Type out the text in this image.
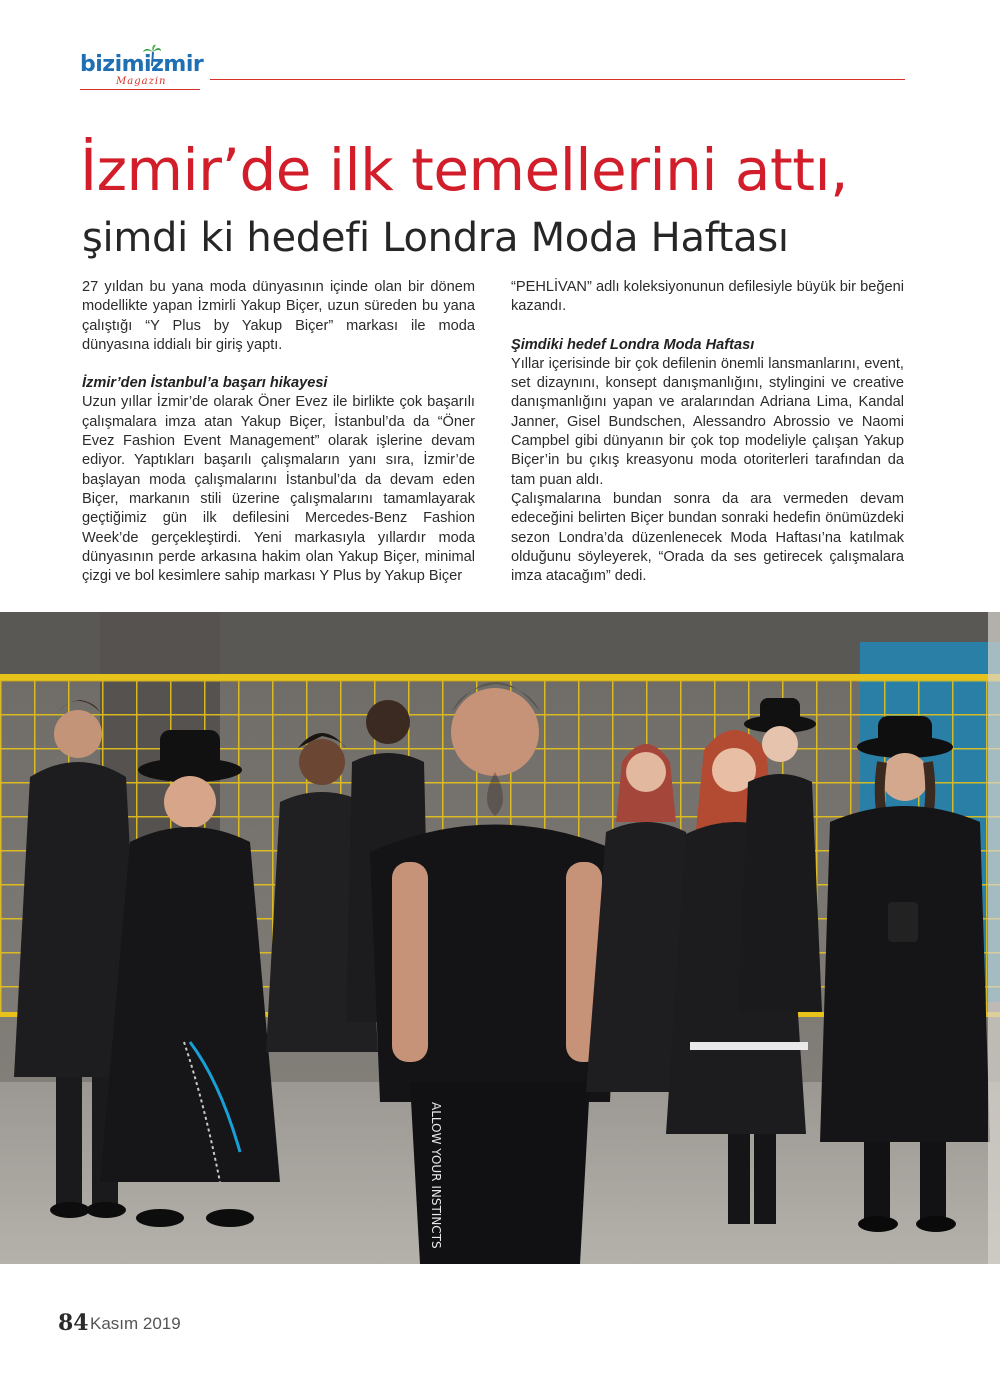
bizimizmir
Magazin
İzmir’de ilk temellerini attı,
şimdi ki hedefi Londra Moda Haftası

27 yıldan bu yana moda dünyasının içinde olan bir dönem modellikte yapan İzmirli Yakup Biçer, uzun süreden bu yana çalıştığı “Y Plus by Yakup Biçer” markası ile moda dünyasına iddialı bir giriş yaptı.

İzmir’den İstanbul’a başarı hikayesi

Uzun yıllar İzmir’de olarak Öner Evez ile birlikte çok başarılı çalışmalara imza atan Yakup Biçer, İstanbul’da da “Öner Evez Fashion Event Management” olarak işlerine devam ediyor. Yaptıkları başarılı çalışmaların yanı sıra, İzmir’de başlayan moda çalışmalarını İstanbul’da da devam eden Biçer, markanın stili üzerine çalışmalarını tamamlayarak geçtiğimiz gün ilk defilesini Mercedes-Benz Fashion Week’de gerçekleştirdi. Yeni markasıyla yıllardır moda dünyasının perde arkasına hakim olan Yakup Biçer, minimal çizgi ve bol kesimlere sahip markası Y Plus by Yakup Biçer

“PEHLİVAN” adlı koleksiyonunun defilesiyle büyük bir beğeni kazandı.

Şimdiki hedef Londra Moda Haftası

Yıllar içerisinde bir çok defilenin önemli lansmanlarını, event, set dizaynını, konsept danışmanlığını, stylingini ve creative danışmanlığını yapan ve aralarından Adriana Lima, Kandal Janner, Gisel Bundschen, Alessandro Abrossio ve Naomi Campbel gibi dünyanın bir çok top modeliyle çalışan Yakup Biçer’in bu çıkış kreasyonu moda otoriterleri tarafından da tam puan aldı.

Çalışmalarına bundan sonra da ara vermeden devam edeceğini belirten Biçer bundan sonraki hedefin önümüzdeki sezon Londra’da düzenlenecek Moda Haftası’na katılmak olduğunu söyleyerek, “Orada da ses getirecek çalışmalara imza atacağım” dedi.

ALLOW YOUR INSTINCTS
84 Kasım 2019
